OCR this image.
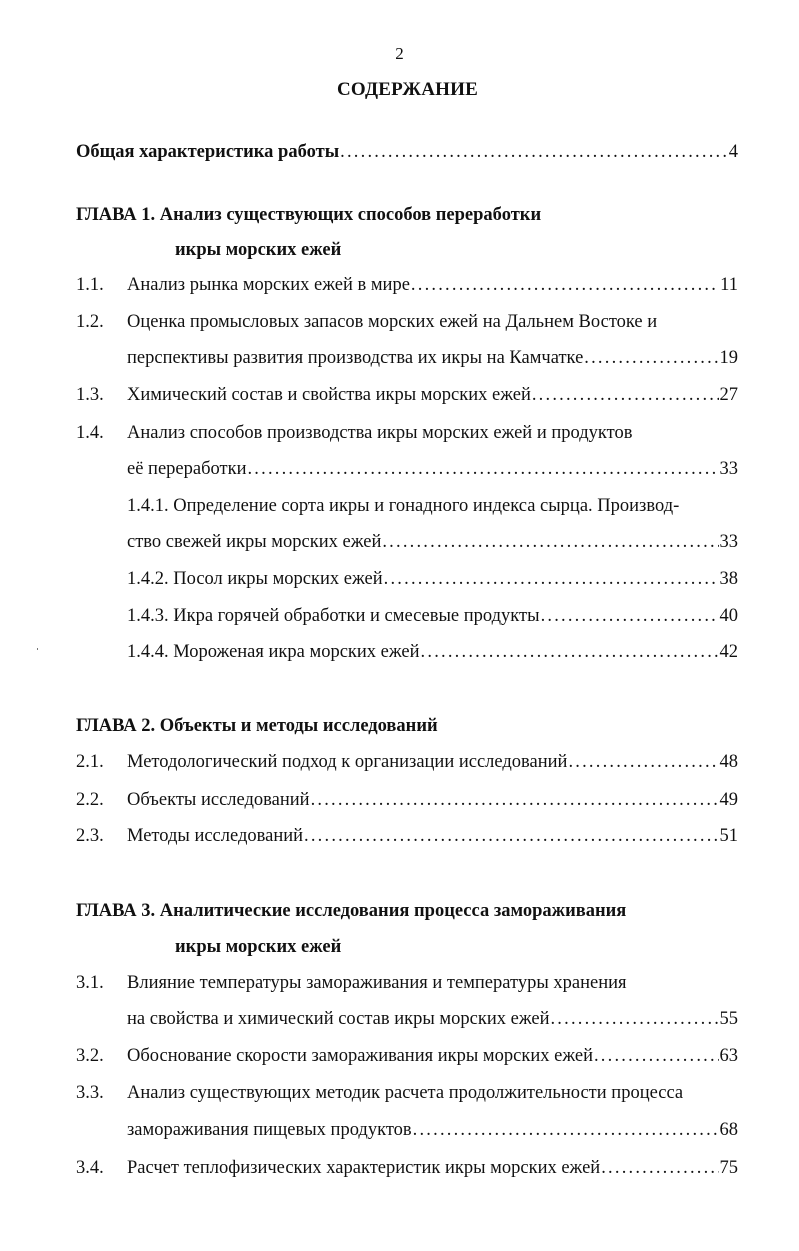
2
СОДЕРЖАНИЕ
Общая характеристика работы .....	4
ГЛАВА 1. Анализ существующих способов переработки
икры морских ежей
1.1. Анализ рынка морских ежей в мире .....	11
1.2. Оценка промысловых запасов морских ежей на Дальнем Востоке и
перспективы развития производства их икры на Камчатке .....	19
1.3. Химический состав и свойства икры морских ежей .....	27
1.4. Анализ способов производства икры морских ежей и продуктов
её переработки .....	33
1.4.1. Определение сорта икры и гонадного индекса сырца. Производ-
ство свежей икры морских ежей .....	33
1.4.2. Посол икры морских ежей .....	38
1.4.3. Икра горячей обработки и смесевые продукты .....	40
1.4.4. Мороженая икра морских ежей .....	42
ГЛАВА 2. Объекты и методы исследований
2.1. Методологический подход к организации исследований .....	48
2.2. Объекты исследований .....	49
2.3. Методы исследований .....	51
ГЛАВА 3. Аналитические исследования процесса замораживания
икры морских ежей
3.1. Влияние температуры замораживания и температуры хранения
на свойства и химический состав икры морских ежей .....	55
3.2. Обоснование скорости замораживания икры морских ежей .....	63
3.3. Анализ существующих методик расчета продолжительности процесса
замораживания пищевых продуктов .....	68
3.4. Расчет теплофизических характеристик икры морских ежей .....	75
